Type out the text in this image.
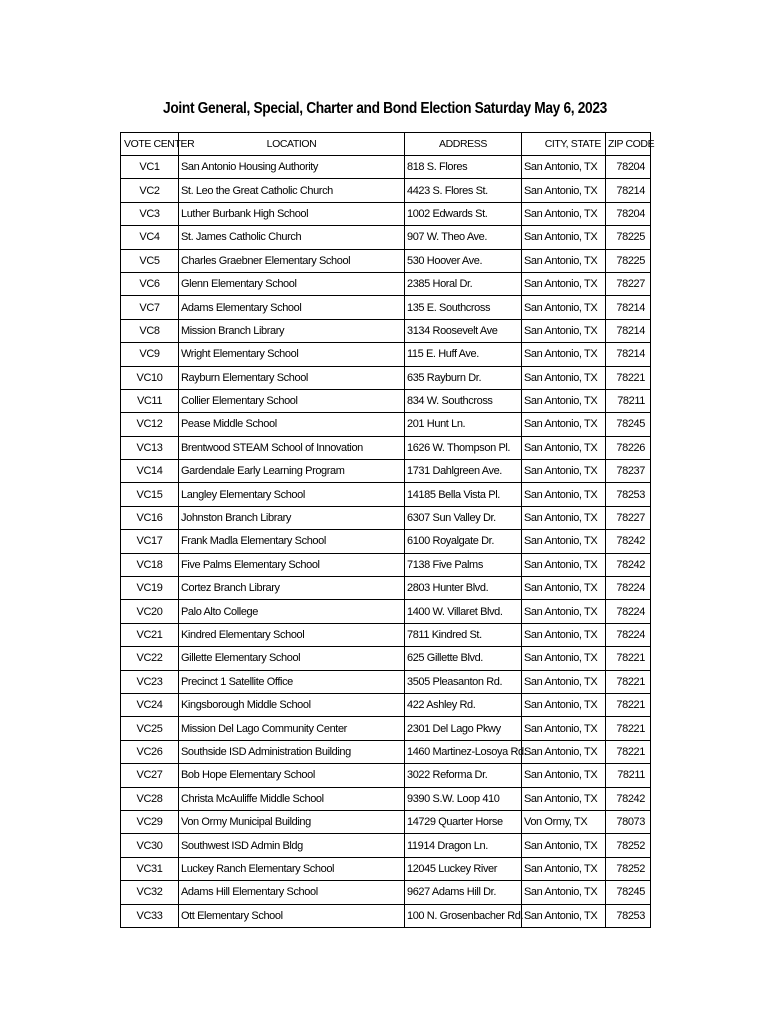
Joint General, Special, Charter and Bond Election Saturday May 6, 2023
VOTE CENTER	LOCATION	ADDRESS	CITY, STATE	ZIP CODE
VC1	San Antonio Housing Authority	818 S. Flores	San Antonio, TX	78204
VC2	St. Leo the Great Catholic Church	4423 S. Flores St.	San Antonio, TX	78214
VC3	Luther Burbank High School	1002 Edwards St.	San Antonio, TX	78204
VC4	St. James Catholic Church	907 W. Theo Ave.	San Antonio, TX	78225
VC5	Charles Graebner Elementary School	530 Hoover Ave.	San Antonio, TX	78225
VC6	Glenn Elementary School	2385 Horal Dr.	San Antonio, TX	78227
VC7	Adams Elementary School	135 E. Southcross	San Antonio, TX	78214
VC8	Mission Branch Library	3134 Roosevelt Ave	San Antonio, TX	78214
VC9	Wright Elementary School	115 E. Huff Ave.	San Antonio, TX	78214
VC10	Rayburn Elementary School	635 Rayburn Dr.	San Antonio, TX	78221
VC11	Collier Elementary School	834 W. Southcross	San Antonio, TX	78211
VC12	Pease Middle School	201 Hunt Ln.	San Antonio, TX	78245
VC13	Brentwood STEAM School of Innovation	1626 W. Thompson Pl.	San Antonio, TX	78226
VC14	Gardendale Early Learning Program	1731 Dahlgreen Ave.	San Antonio, TX	78237
VC15	Langley Elementary School	14185 Bella Vista Pl.	San Antonio, TX	78253
VC16	Johnston Branch Library	6307 Sun Valley Dr.	San Antonio, TX	78227
VC17	Frank Madla Elementary School	6100 Royalgate Dr.	San Antonio, TX	78242
VC18	Five Palms Elementary School	7138 Five Palms	San Antonio, TX	78242
VC19	Cortez Branch Library	2803 Hunter Blvd.	San Antonio, TX	78224
VC20	Palo Alto College	1400 W. Villaret Blvd.	San Antonio, TX	78224
VC21	Kindred Elementary School	7811 Kindred St.	San Antonio, TX	78224
VC22	Gillette Elementary School	625 Gillette Blvd.	San Antonio, TX	78221
VC23	Precinct 1 Satellite Office	3505 Pleasanton Rd.	San Antonio, TX	78221
VC24	Kingsborough Middle School	422 Ashley Rd.	San Antonio, TX	78221
VC25	Mission Del Lago Community Center	2301 Del Lago Pkwy	San Antonio, TX	78221
VC26	Southside ISD Administration Building	1460 Martinez-Losoya Rd.	San Antonio, TX	78221
VC27	Bob Hope Elementary School	3022 Reforma Dr.	San Antonio, TX	78211
VC28	Christa McAuliffe Middle School	9390 S.W. Loop 410	San Antonio, TX	78242
VC29	Von Ormy Municipal Building	14729 Quarter Horse	Von Ormy, TX	78073
VC30	Southwest ISD Admin Bldg	11914 Dragon Ln.	San Antonio, TX	78252
VC31	Luckey Ranch Elementary School	12045 Luckey River	San Antonio, TX	78252
VC32	Adams Hill Elementary School	9627 Adams Hill Dr.	San Antonio, TX	78245
VC33	Ott Elementary School	100 N. Grosenbacher Rd.	San Antonio, TX	78253
